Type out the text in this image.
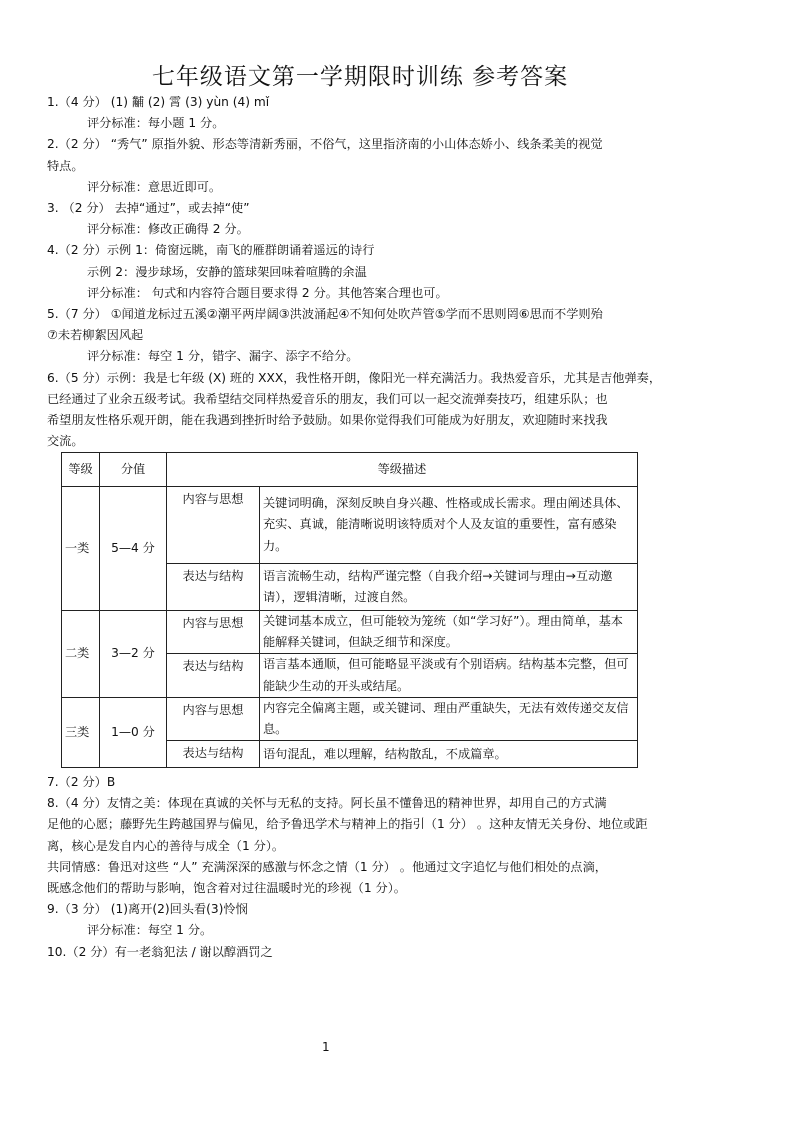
七年级语文第一学期限时训练 参考答案
1.（4 分） (1) 黼 (2) 霄 (3) yùn (4) mǐ
评分标准：每小题 1 分。
2.（2 分） “秀气” 原指外貌、形态等清新秀丽，不俗气，这里指济南的小山体态娇小、线条柔美的视觉
特点。
评分标准：意思近即可。
3. （2 分） 去掉“通过”，或去掉“使”
评分标准：修改正确得 2 分。
4.（2 分）示例 1：倚窗远眺，南飞的雁群朗诵着遥远的诗行
示例 2：漫步球场，安静的篮球架回味着喧腾的余温
评分标准： 句式和内容符合题目要求得 2 分。其他答案合理也可。
5.（7 分） ①闻道龙标过五溪②潮平两岸阔③洪波涌起④不知何处吹芦管⑤学而不思则罔⑥思而不学则殆
⑦未若柳絮因风起
评分标准：每空 1 分，错字、漏字、添字不给分。
6.（5 分）示例：我是七年级 (X) 班的 XXX，我性格开朗，像阳光一样充满活力。我热爱音乐，尤其是吉他弹奏，
已经通过了业余五级考试。我希望结交同样热爱音乐的朋友，我们可以一起交流弹奏技巧，组建乐队；也
希望朋友性格乐观开朗，能在我遇到挫折时给予鼓励。如果你觉得我们可能成为好朋友，欢迎随时来找我
交流。
等级	分值	等级描述	
一类	5—4 分	内容与思想	关键词明确，深刻反映自身兴趣、性格或成长需求。理由阐述具体、充实、真诚，能清晰说明该特质对个人及友谊的重要性，富有感染力。
		表达与结构	语言流畅生动，结构严谨完整（自我介绍→关键词与理由→互动邀请），逻辑清晰，过渡自然。
二类	3—2 分	内容与思想	关键词基本成立，但可能较为笼统（如“学习好”）。理由简单，基本能解释关键词，但缺乏细节和深度。
		表达与结构	语言基本通顺，但可能略显平淡或有个别语病。结构基本完整，但可能缺少生动的开头或结尾。
三类	1—0 分	内容与思想	内容完全偏离主题，或关键词、理由严重缺失，无法有效传递交友信息。
		表达与结构	语句混乱，难以理解，结构散乱，不成篇章。
7.（2 分）B
8.（4 分）友情之美：体现在真诚的关怀与无私的支持。阿长虽不懂鲁迅的精神世界，却用自己的方式满
足他的心愿；藤野先生跨越国界与偏见，给予鲁迅学术与精神上的指引（1 分） 。这种友情无关身份、地位或距
离，核心是发自内心的善待与成全（1 分）。
共同情感：鲁迅对这些 “人” 充满深深的感激与怀念之情（1 分） 。他通过文字追忆与他们相处的点滴，
既感念他们的帮助与影响，饱含着对过往温暖时光的珍视（1 分）。
9.（3 分） (1)离开(2)回头看(3)怜悯
评分标准：每空 1 分。
10.（2 分）有一老翁犯法 / 谢以醇酒罚之
1
